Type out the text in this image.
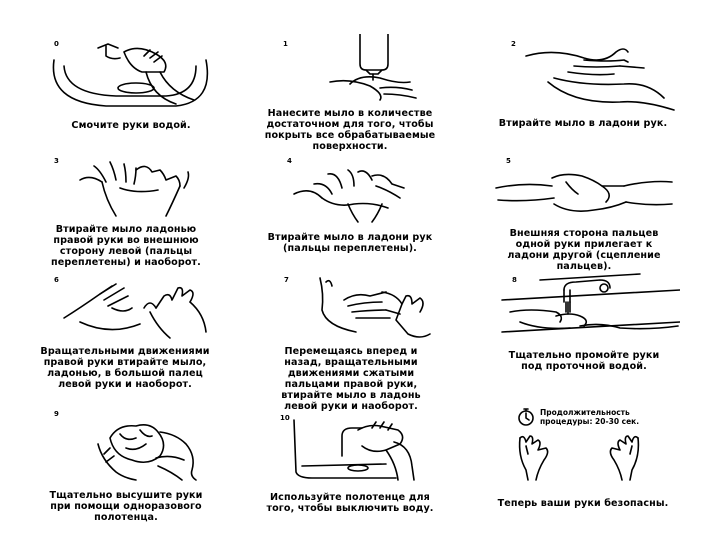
0
Смочите руки водой.
1
Нанесите мыло в количестве
достаточном для того, чтобы
покрыть все обрабатываемые
поверхности.
2
Втирайте мыло в ладони рук.
3
Втирайте мыло ладонью
правой руки во внешнюю
сторону левой (пальцы
переплетены) и наоборот.
4
Втирайте мыло в ладони рук
(пальцы переплетены).
5
Внешняя сторона пальцев
одной руки прилегает к
ладони другой (сцепление
пальцев).
6
Вращательными движениями
правой руки втирайте мыло,
ладонью, в большой палец
левой руки и наоборот.
7
Перемещаясь вперед и
назад, вращательными
движениями сжатыми
пальцами правой руки,
втирайте мыло в ладонь
левой руки и наоборот.
8
Тщательно промойте руки
под проточной водой.
9
Тщательно высушите руки
при помощи одноразового
полотенца.
10
Используйте полотенце для
того, чтобы выключить воду.
Продолжительность
процедуры: 20-30 сек.
Теперь ваши руки безопасны.
